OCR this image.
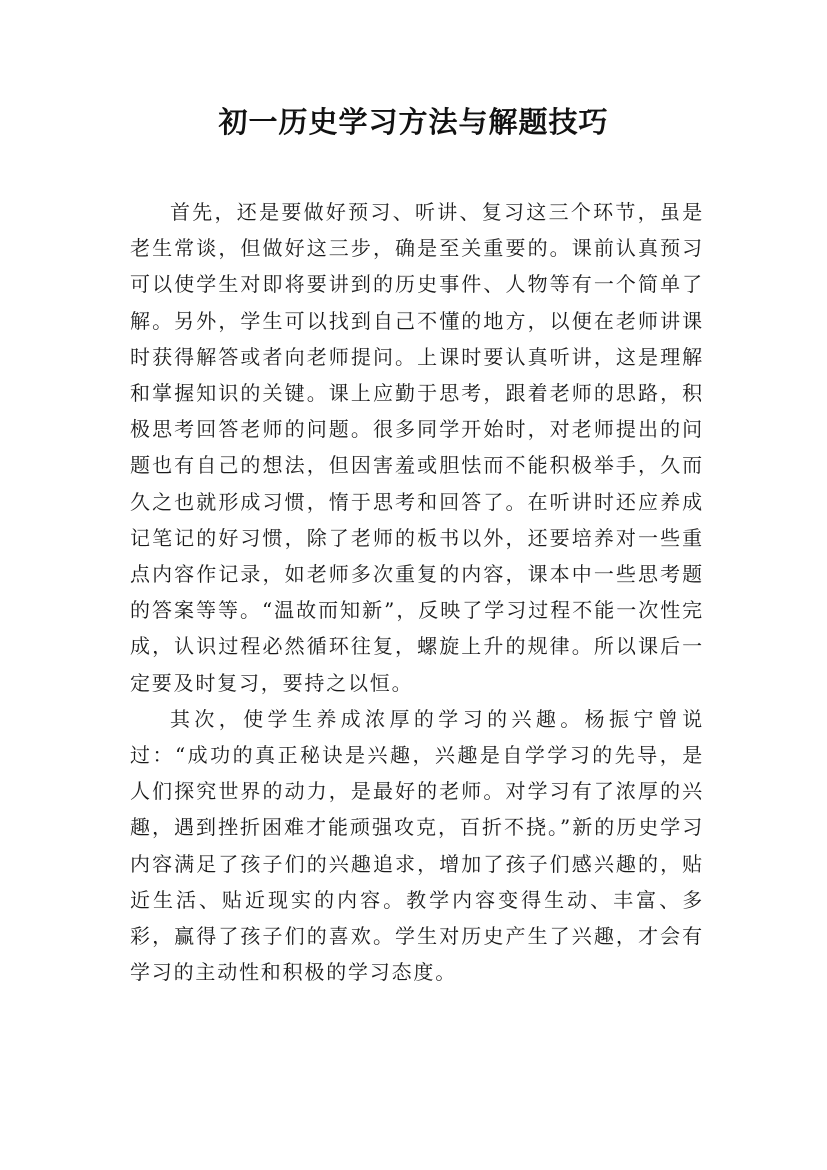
初一历史学习方法与解题技巧

首先，还是要做好预习、听讲、复习这三个环节，虽是老生常谈，但做好这三步，确是至关重要的。课前认真预习可以使学生对即将要讲到的历史事件、人物等有一个简单了解。另外，学生可以找到自己不懂的地方，以便在老师讲课时获得解答或者向老师提问。上课时要认真听讲，这是理解和掌握知识的关键。课上应勤于思考，跟着老师的思路，积极思考回答老师的问题。很多同学开始时，对老师提出的问题也有自己的想法，但因害羞或胆怯而不能积极举手，久而久之也就形成习惯，惰于思考和回答了。在听讲时还应养成记笔记的好习惯，除了老师的板书以外，还要培养对一些重点内容作记录，如老师多次重复的内容，课本中一些思考题的答案等等。“温故而知新”，反映了学习过程不能一次性完成，认识过程必然循环往复，螺旋上升的规律。所以课后一定要及时复习，要持之以恒。

其次，使学生养成浓厚的学习的兴趣。杨振宁曾说过：“成功的真正秘诀是兴趣，兴趣是自学学习的先导，是人们探究世界的动力，是最好的老师。对学习有了浓厚的兴趣，遇到挫折困难才能顽强攻克，百折不挠。”新的历史学习内容满足了孩子们的兴趣追求，增加了孩子们感兴趣的，贴近生活、贴近现实的内容。教学内容变得生动、丰富、多彩，赢得了孩子们的喜欢。学生对历史产生了兴趣，才会有学习的主动性和积极的学习态度。
